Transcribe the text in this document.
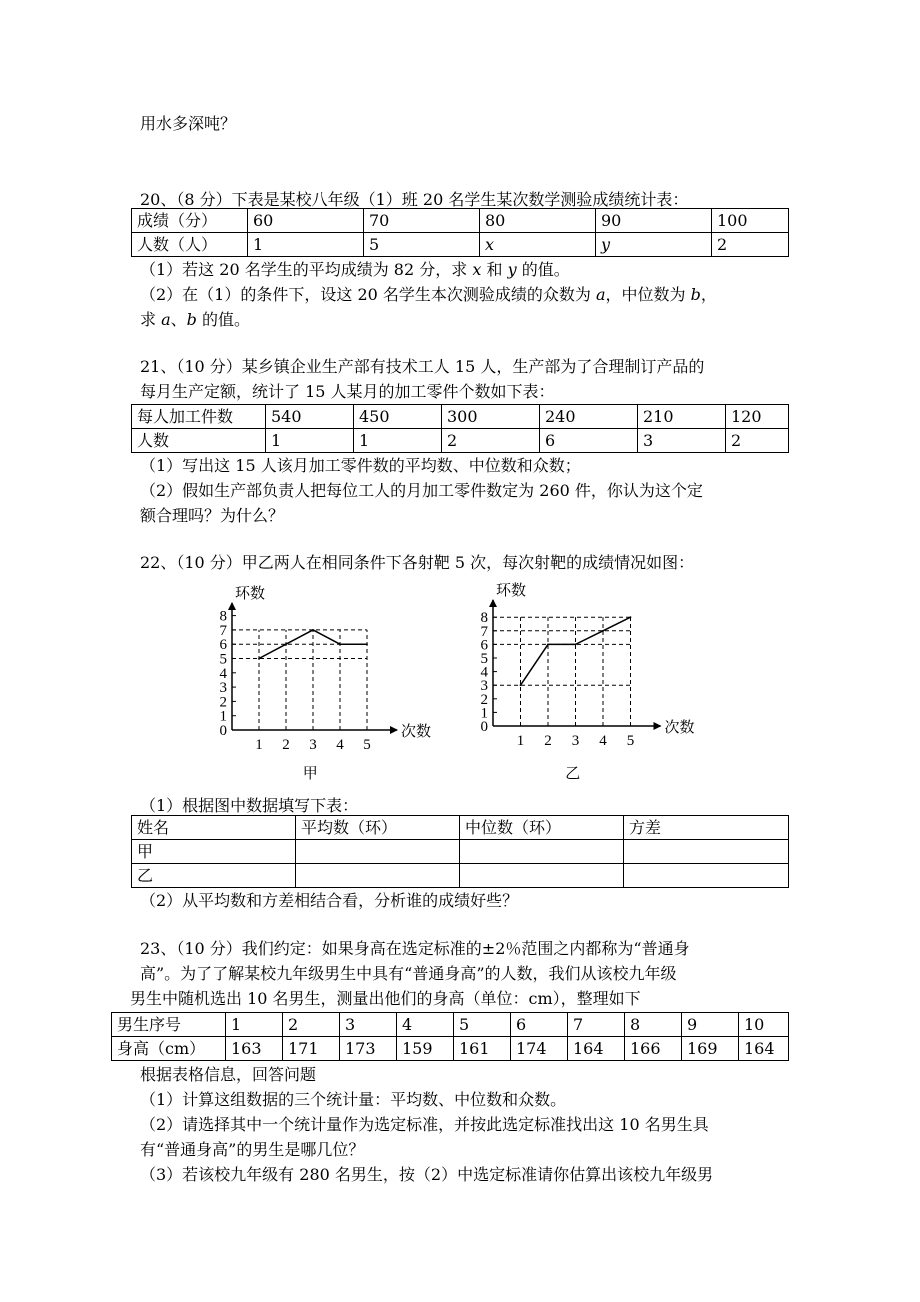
用水多深吨？
20、（8 分）下表是某校八年级（1）班 20 名学生某次数学测验成绩统计表：
成绩（分）	60	70	80	90	100
人数（人）	1	5	x	y	2
（1）若这 20 名学生的平均成绩为 82 分，求 x 和 y 的值。
（2）在（1）的条件下，设这 20 名学生本次测验成绩的众数为 a，中位数为 b，
求 a、b 的值。
21、（10 分）某乡镇企业生产部有技术工人 15 人，生产部为了合理制订产品的
每月生产定额，统计了 15 人某月的加工零件个数如下表：
每人加工件数	540	450	300	240	210	120
人数	1	1	2	6	3	2
（1）写出这 15 人该月加工零件数的平均数、中位数和众数；
（2）假如生产部负责人把每位工人的月加工零件数定为 260 件，你认为这个定
额合理吗？为什么？
22、（10 分）甲乙两人在相同条件下各射靶 5 次，每次射靶的成绩情况如图：
0
1
2
3
4
5
6
7
8
1 2 3 4 5
环数
次数
甲
0
1
2
3
4
5
6
7
8
1 2 3 4 5
环数
次数
乙
（1）根据图中数据填写下表：
姓名	平均数（环）	中位数（环）	方差
甲			
乙			
（2）从平均数和方差相结合看，分析谁的成绩好些？
23、（10 分）我们约定：如果身高在选定标准的±2％范围之内都称为“普通身
高”。为了了解某校九年级男生中具有“普通身高”的人数，我们从该校九年级
男生中随机选出 10 名男生，测量出他们的身高（单位：cm），整理如下
男生序号	1	2	3	4	5	6	7	8	9	10
身高（cm）	163	171	173	159	161	174	164	166	169	164
根据表格信息，回答问题
（1）计算这组数据的三个统计量：平均数、中位数和众数。
（2）请选择其中一个统计量作为选定标准，并按此选定标准找出这 10 名男生具
有“普通身高”的男生是哪几位？
（3）若该校九年级有 280 名男生，按（2）中选定标准请你估算出该校九年级男
